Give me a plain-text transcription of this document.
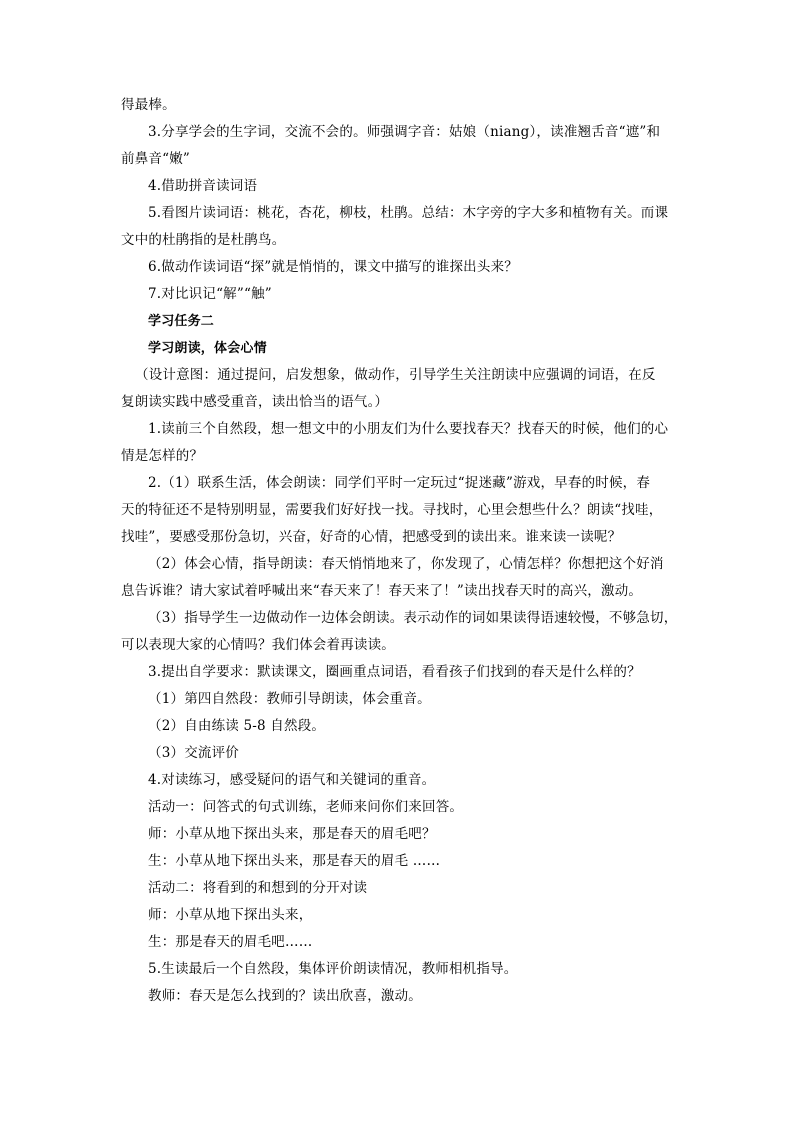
得最棒。
3.分享学会的生字词，交流不会的。师强调字音：姑娘（niang），读准翘舌音“遮”和
前鼻音“嫩”
4.借助拼音读词语
5.看图片读词语：桃花，杏花，柳枝，杜鹃。总结：木字旁的字大多和植物有关。而课
文中的杜鹃指的是杜鹃鸟。
6.做动作读词语“探”就是悄悄的，课文中描写的谁探出头来？
7.对比识记“解”“触”
学习任务二
学习朗读，体会心情
（设计意图：通过提问，启发想象，做动作，引导学生关注朗读中应强调的词语，在反
复朗读实践中感受重音，读出恰当的语气。）
1.读前三个自然段，想一想文中的小朋友们为什么要找春天？找春天的时候，他们的心
情是怎样的？
2.（1）联系生活，体会朗读：同学们平时一定玩过“捉迷藏”游戏，早春的时候，春
天的特征还不是特别明显，需要我们好好找一找。寻找时，心里会想些什么？朗读“找哇，
找哇”，要感受那份急切，兴奋，好奇的心情，把感受到的读出来。谁来读一读呢？
（2）体会心情，指导朗读：春天悄悄地来了，你发现了，心情怎样？你想把这个好消
息告诉谁？请大家试着呼喊出来“春天来了！春天来了！”读出找春天时的高兴，激动。
（3）指导学生一边做动作一边体会朗读。表示动作的词如果读得语速较慢，不够急切，
可以表现大家的心情吗？我们体会着再读读。
3.提出自学要求：默读课文，圈画重点词语，看看孩子们找到的春天是什么样的？
（1）第四自然段：教师引导朗读，体会重音。
（2）自由练读 5-8 自然段。
（3）交流评价
4.对读练习，感受疑问的语气和关键词的重音。
活动一：问答式的句式训练，老师来问你们来回答。
师：小草从地下探出头来，那是春天的眉毛吧？
生：小草从地下探出头来，那是春天的眉毛 ……
活动二：将看到的和想到的分开对读
师：小草从地下探出头来，
生：那是春天的眉毛吧……
5.生读最后一个自然段，集体评价朗读情况，教师相机指导。
教师：春天是怎么找到的？读出欣喜，激动。
